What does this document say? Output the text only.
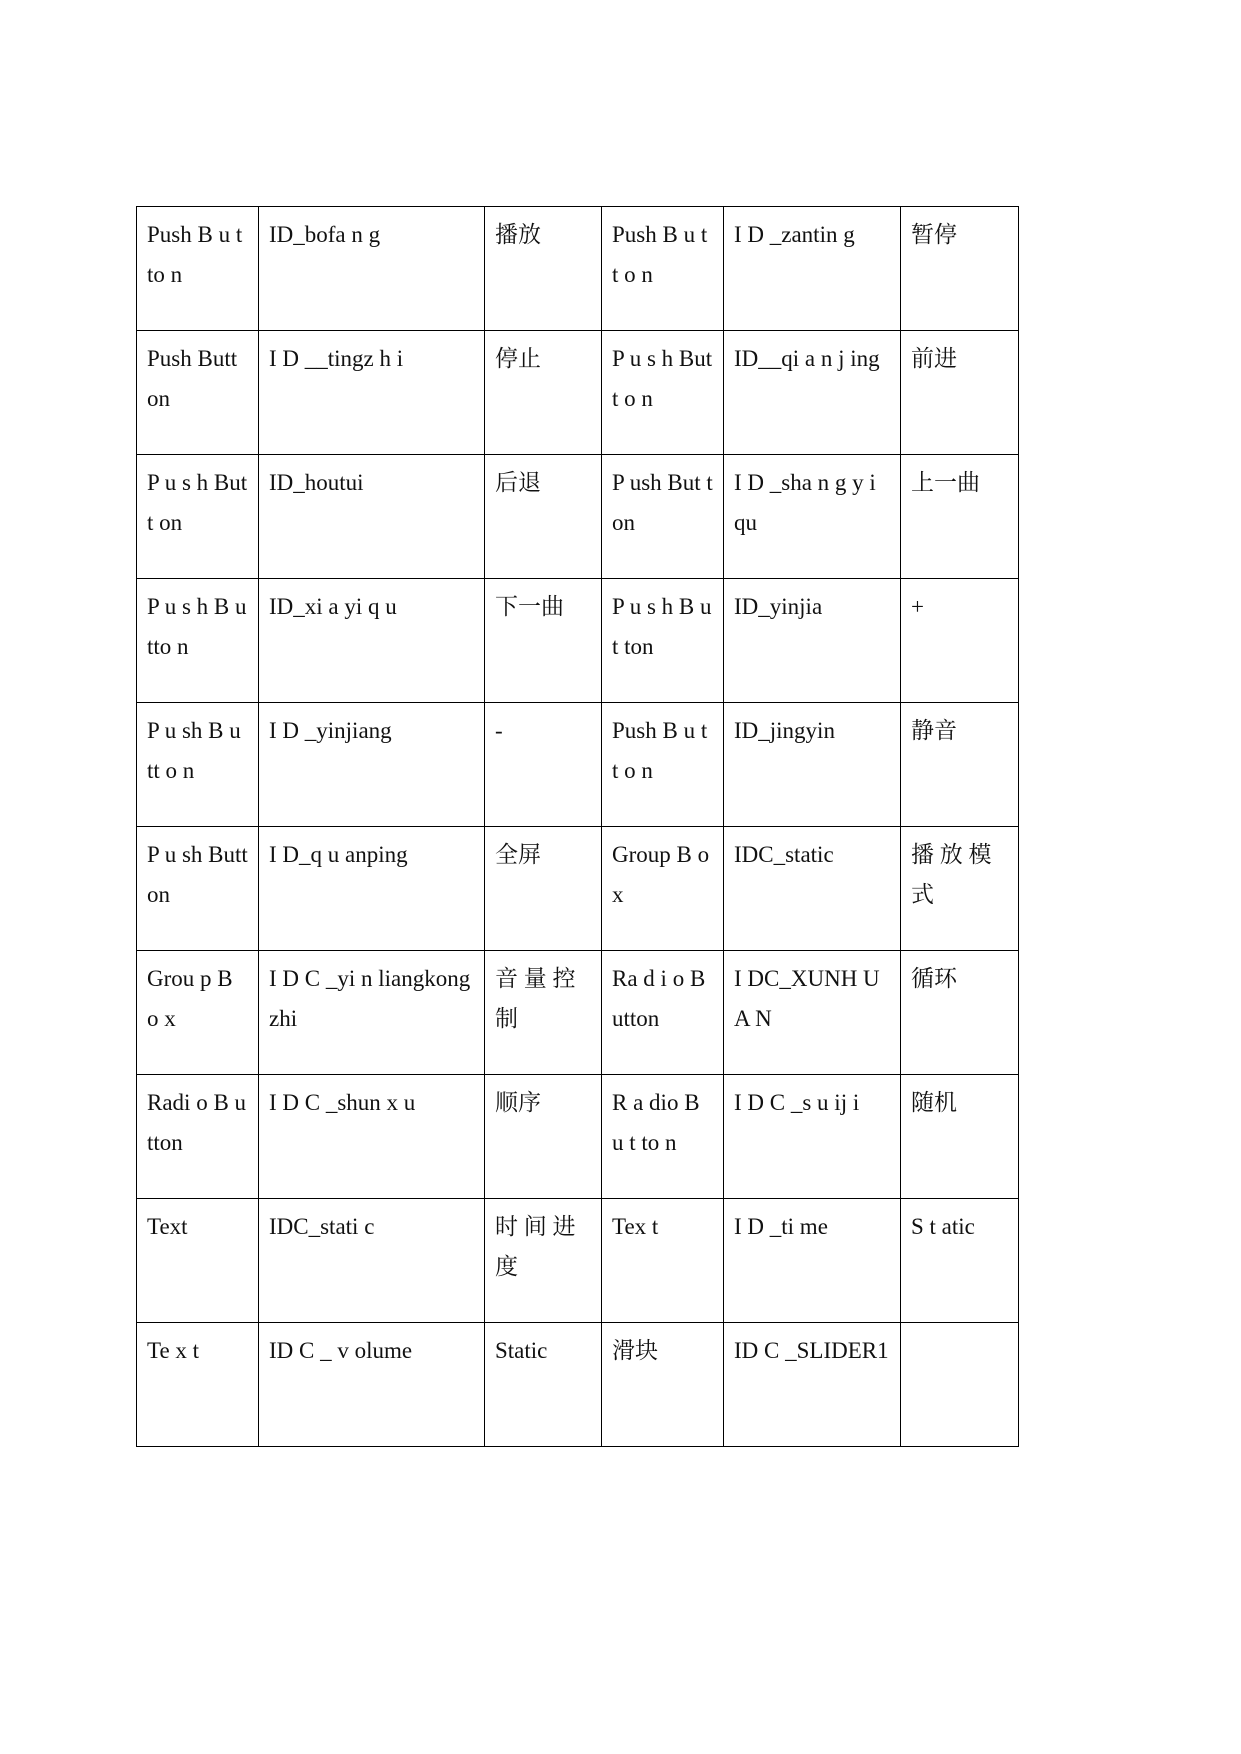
Push B u tto n	ID_bofa n g	播放	Push B u t t o n	I D _zantin g	暂停
Push Button	I D __tingz h i	停止	P u s h Butt o n	ID__qi a n j ing	前进
P u s h But t on	ID_houtui	后退	P ush But t on	I D _sha n g y i qu	上一曲
P u s h B utto n	ID_xi a yi q u	下一曲	P u s h B u t ton	ID_yinjia	+
P u sh B u tt o n	I D _yinjiang	-	Push B u tt o n	ID_jingyin	静音
P u sh Button	I D_q u anping	全屏	Group B o x	IDC_static	播 放 模 式
Grou p B o x	I D C _yi n liangkongzhi	音 量 控 制	Ra d i o Button	I DC_XUNH U A N	循环
Radi o B utton	I D C _shun x u	顺序	R a dio B u t to n	I D C _s u ij i	随机
Text	IDC_stati c	时 间 进 度	Tex t	I D _ti me	S t atic
Te x t	ID C _ v olume	Static	滑块	ID C _SLIDER1	
